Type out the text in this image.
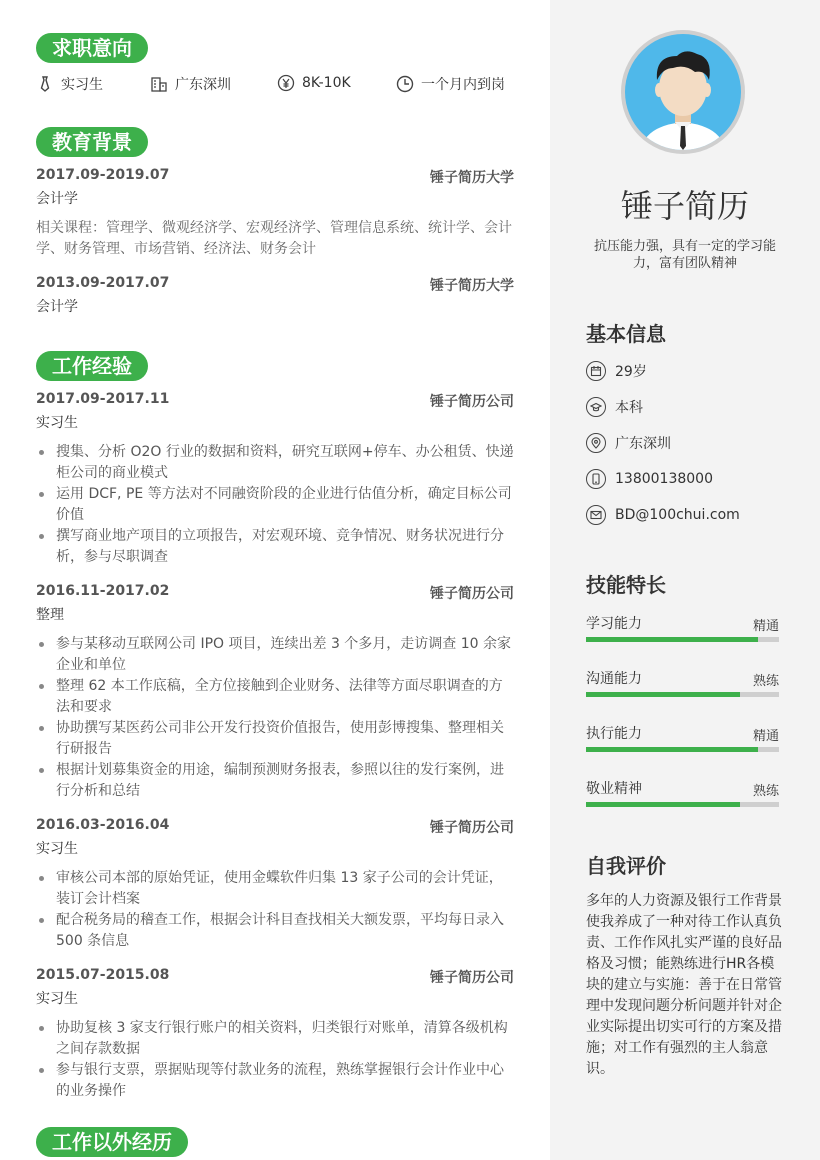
求职意向
实习生	广东深圳	8K-10K	一个月内到岗
教育背景
2017.09-2019.07	锤子简历大学
会计学
相关课程：管理学、微观经济学、宏观经济学、管理信息系统、统计学、会计学、财务管理、市场营销、经济法、财务会计
2013.09-2017.07	锤子简历大学
会计学
工作经验
2017.09-2017.11	锤子简历公司
实习生
搜集、分析 O2O 行业的数据和资料，研究互联网+停车、办公租赁、快递柜公司的商业模式
运用 DCF, PE 等方法对不同融资阶段的企业进行估值分析，确定目标公司价值
撰写商业地产项目的立项报告，对宏观环境、竞争情况、财务状况进行分析，参与尽职调查
2016.11-2017.02	锤子简历公司
整理
参与某移动互联网公司 IPO 项目，连续出差 3 个多月，走访调查 10 余家企业和单位
整理 62 本工作底稿，全方位接触到企业财务、法律等方面尽职调查的方法和要求
协助撰写某医药公司非公开发行投资价值报告，使用彭博搜集、整理相关行研报告
根据计划募集资金的用途，编制预测财务报表，参照以往的发行案例，进行分析和总结
2016.03-2016.04	锤子简历公司
实习生
审核公司本部的原始凭证，使用金蝶软件归集 13 家子公司的会计凭证，装订会计档案
配合税务局的稽查工作，根据会计科目查找相关大额发票，平均每日录入 500 条信息
2015.07-2015.08	锤子简历公司
实习生
协助复核 3 家支行银行账户的相关资料，归类银行对账单，清算各级机构之间存款数据
参与银行支票，票据贴现等付款业务的流程，熟练掌握银行会计作业中心的业务操作
工作以外经历
锤子简历
抗压能力强，具有一定的学习能力，富有团队精神
基本信息
29岁
本科
广东深圳
13800138000
BD@100chui.com
技能特长
学习能力	精通
沟通能力	熟练
执行能力	精通
敬业精神	熟练
自我评价
多年的人力资源及银行工作背景使我养成了一种对待工作认真负责、工作作风扎实严谨的良好品格及习惯；能熟练进行HR各模块的建立与实施：善于在日常管理中发现问题分析问题并针对企业实际提出切实可行的方案及措施；对工作有强烈的主人翁意识。
